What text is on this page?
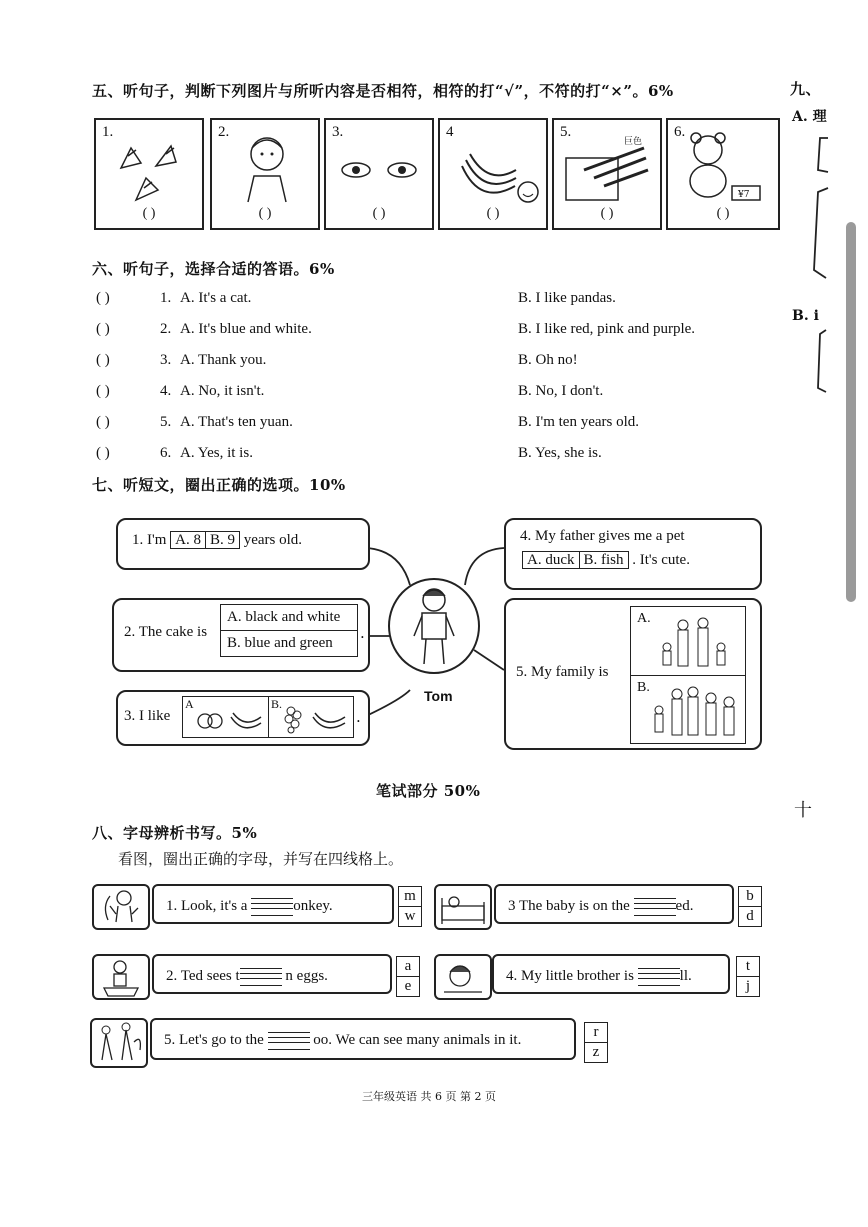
五、听句子，判断下列图片与所听内容是否相符，相符的打“√”，不符的打“×”。6%
1.
( )
2.
( )
3.
( )
4
( )
5.
巨色
( )
6.
¥7
( )
六、听句子，选择合适的答语。6%
( )	1. A. It's a cat.	B. I like pandas.
( )	2. A. It's blue and white.	B. I like red, pink and purple.
( )	3. A. Thank you.	B. Oh no!
( )	4. A. No, it isn't.	B. No, I don't.
( )	5. A. That's ten yuan.	B. I'm ten years old.
( )	6. A. Yes, it is.	B. Yes, she is.
七、听短文，圈出正确的选项。10%
1. I'm A. 8 B. 9 years old.
2. The cake is
A. black and white
B. blue and green
.
3. I like
A	B.
.
Tom
4. My father gives me a pet
A. duck B. fish . It's cute.
5. My family is
A.
B.
笔试部分 50%
八、字母辨析书写。5%
看图，圈出正确的字母，并写在四线格上。
1. Look, it's a	onkey.
m
w
3 The baby is on the	ed.
b
d
2. Ted sees t	n eggs.
a
e
4. My little brother is	ll.
t
j
5. Let's go to the	oo. We can see many animals in it.	r
z
三年级英语 共 6 页 第 2 页
九、
A. 理
B. i
十
